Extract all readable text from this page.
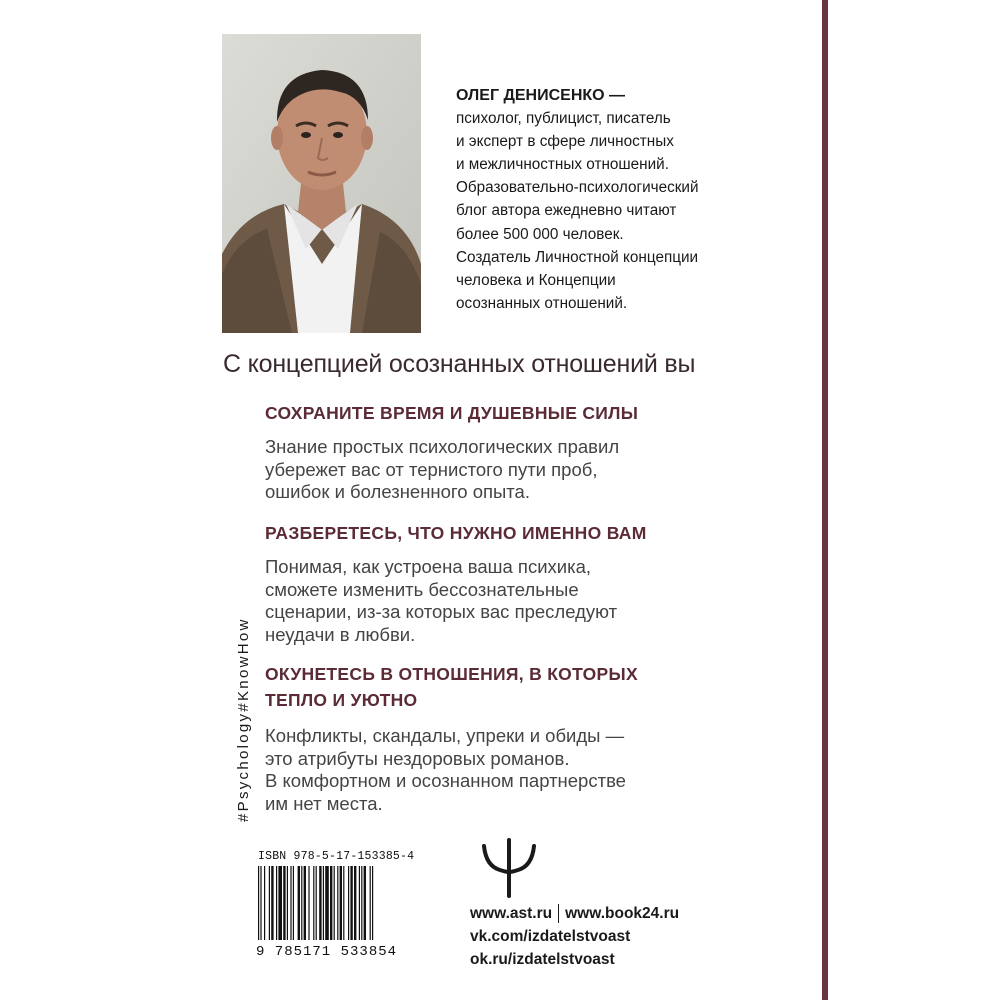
ОЛЕГ ДЕНИСЕНКО —
психолог, публицист, писатель
и эксперт в сфере личностных
и межличностных отношений.
Образовательно-психологический
блог автора ежедневно читают
более 500 000 человек.
Создатель Личностной концепции
человека и Концепции
осознанных отношений.
С концепцией осознанных отношений вы
СОХРАНИТЕ ВРЕМЯ И ДУШЕВНЫЕ СИЛЫ

Знание простых психологических правил
убережет вас от тернистого пути проб,
ошибок и болезненного опыта.

РАЗБЕРЕТЕСЬ, ЧТО НУЖНО ИМЕННО ВАМ

Понимая, как устроена ваша психика,
сможете изменить бессознательные
сценарии, из-за которых вас преследуют
неудачи в любви.

ОКУНЕТЕСЬ В ОТНОШЕНИЯ, В КОТОРЫХ
ТЕПЛО И УЮТНО

Конфликты, скандалы, упреки и обиды —
это атрибуты нездоровых романов.
В комфортном и осознанном партнерстве
им нет места.

#Psychology#KnowHow
ISBN 978-5-17-153385-4
9 785171 533854
www.ast.ru www.book24.ru
vk.com/izdatelstvoast
ok.ru/izdatelstvoast
